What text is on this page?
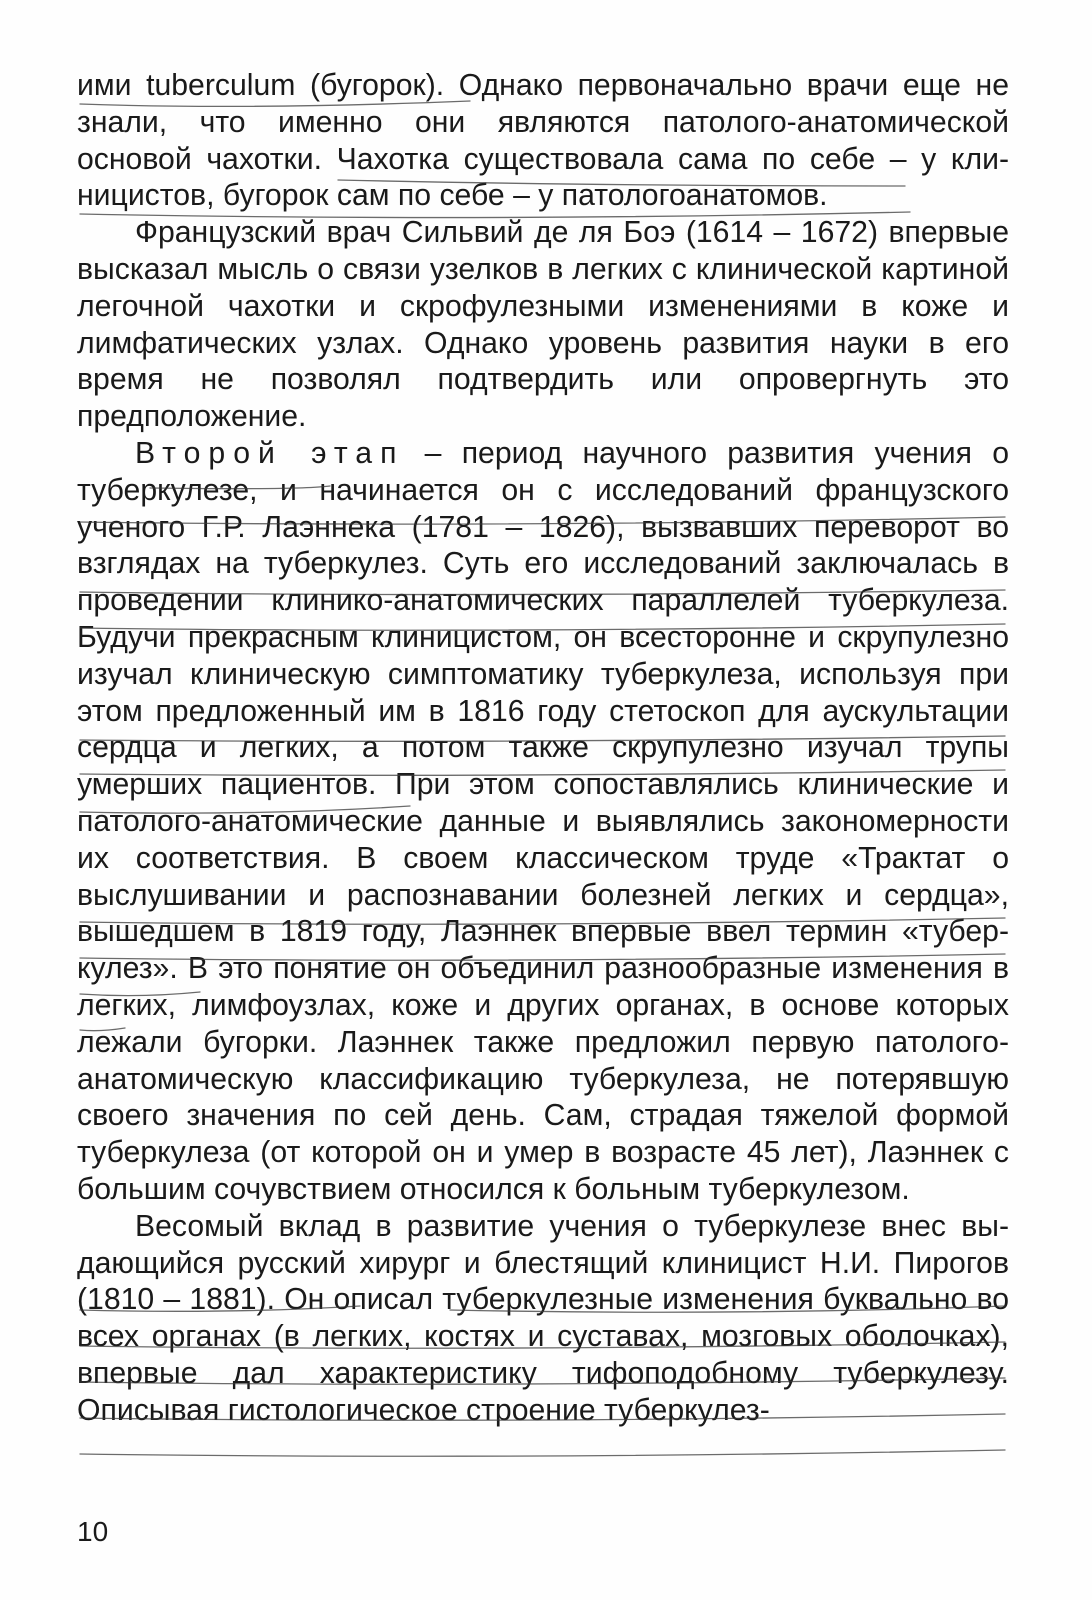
ими tuberculum (бугорок). Однако первоначально врачи еще не знали, что именно они являются патолого-анатомической основой чахотки. Чахотка существовала сама по себе – у клиницистов, бугорок сам по себе – у патологоанатомов.

Французский врач Сильвий де ля Боэ (1614 – 1672) впервые высказал мысль о связи узелков в легких с клинической картиной легочной чахотки и скрофулезными изменениями в коже и лимфатических узлах. Однако уровень развития науки в его время не позволял подтвердить или опровергнуть это предположение.

Второй этап – период научного развития учения о туберкулезе, и начинается он с исследований французского ученого Г.Р. Лаэннека (1781 – 1826), вызвавших переворот во взглядах на туберкулез. Суть его исследований заключалась в проведении клинико-анатомических параллелей туберкулеза. Будучи прекрасным клиницистом, он всесторонне и скрупулезно изучал клиническую симптоматику туберкулеза, используя при этом предложенный им в 1816 году стетоскоп для аускультации сердца и легких, а потом также скрупулезно изучал трупы умерших пациентов. При этом сопоставлялись клинические и патолого-анатомические данные и выявлялись закономерности их соответствия. В своем классическом труде «Трактат о выслушивании и распознавании болезней легких и сердца», вышедшем в 1819 году, Лаэннек впервые ввел термин «туберкулез». В это понятие он объединил разнообразные изменения в легких, лимфоузлах, коже и других органах, в основе которых лежали бугорки. Лаэннек также предложил первую патологоанатомическую классификацию туберкулеза, не потерявшую своего значения по сей день. Сам, страдая тяжелой формой туберкулеза (от которой он и умер в возрасте 45 лет), Лаэннек с большим сочувствием относился к больным туберкулезом.

Весомый вклад в развитие учения о туберкулезе внес выдающийся русский хирург и блестящий клиницист Н.И. Пирогов (1810 – 1881). Он описал туберкулезные изменения буквально во всех органах (в легких, костях и суставах, мозговых оболочках), впервые дал характеристику тифоподобному туберкулезу. Описывая гистологическое строение туберкулез-

10
